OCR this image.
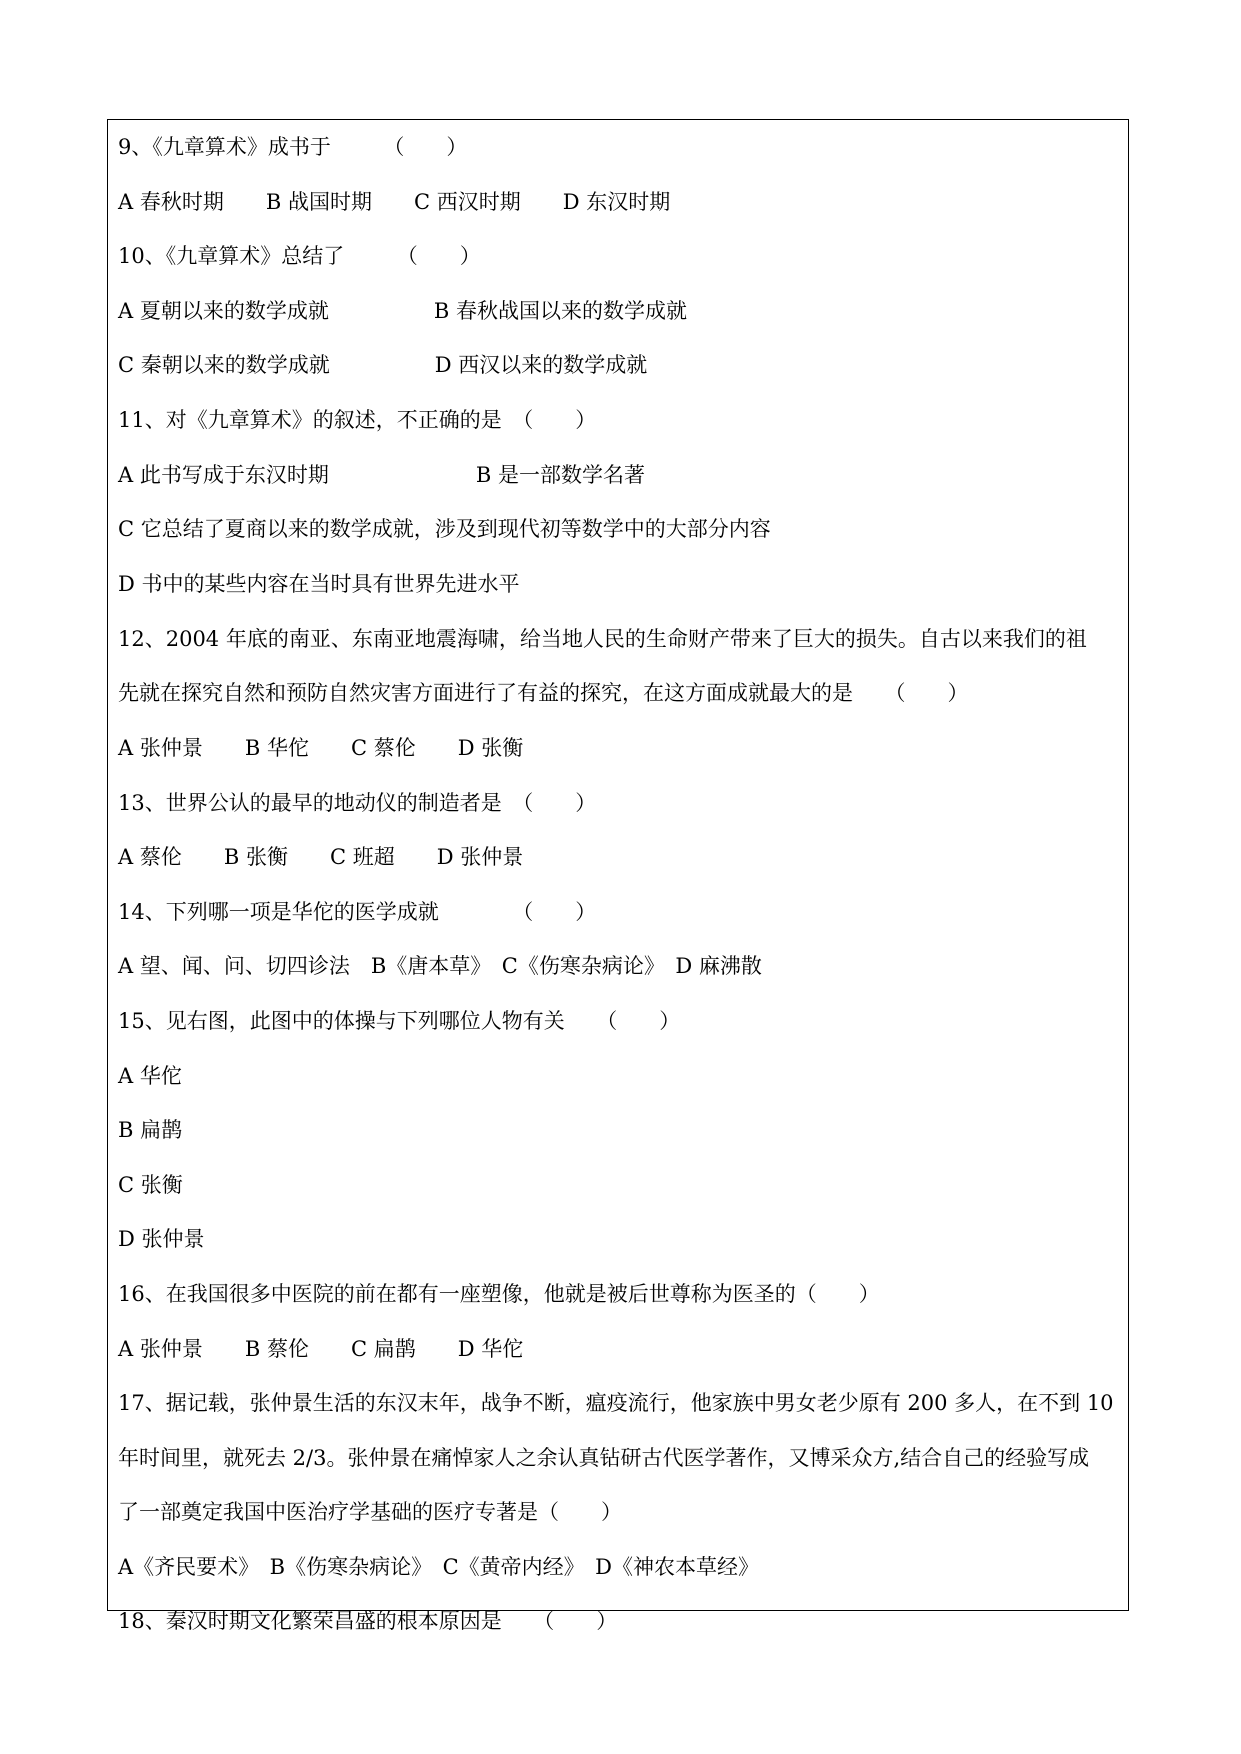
9、《九章算术》成书于　　　（　　）
A 春秋时期　　B 战国时期　　C 西汉时期　　D 东汉时期
10、《九章算术》总结了　　　（　　）
A 夏朝以来的数学成就　　　　　B 春秋战国以来的数学成就
C 秦朝以来的数学成就　　　　　D 西汉以来的数学成就
11、对《九章算术》的叙述，不正确的是　（　　）
A 此书写成于东汉时期　　　　　　　B 是一部数学名著
C 它总结了夏商以来的数学成就，涉及到现代初等数学中的大部分内容
D 书中的某些内容在当时具有世界先进水平
12、2004 年底的南亚、东南亚地震海啸，给当地人民的生命财产带来了巨大的损失。自古以来我们的祖
先就在探究自然和预防自然灾害方面进行了有益的探究，在这方面成就最大的是　　（　　）
A 张仲景　　B 华佗　　C 蔡伦　　D 张衡
13、世界公认的最早的地动仪的制造者是　（　　）
A 蔡伦　　B 张衡　　C 班超　　D 张仲景
14、下列哪一项是华佗的医学成就　　　　（　　）
A 望、闻、问、切四诊法　B《唐本草》　C《伤寒杂病论》　D 麻沸散
15、见右图，此图中的体操与下列哪位人物有关　　（　　）
A 华佗
B 扁鹊
C 张衡
D 张仲景
16、在我国很多中医院的前在都有一座塑像，他就是被后世尊称为医圣的（　　）
A 张仲景　　B 蔡伦　　C 扁鹊　　D 华佗
17、据记载，张仲景生活的东汉末年，战争不断，瘟疫流行，他家族中男女老少原有 200 多人，在不到 10
年时间里，就死去 2/3。张仲景在痛悼家人之余认真钻研古代医学著作，又博采众方,结合自己的经验写成
了一部奠定我国中医治疗学基础的医疗专著是（　　）
A《齐民要术》　B《伤寒杂病论》　C《黄帝内经》　D《神农本草经》
18、秦汉时期文化繁荣昌盛的根本原因是　　（　　）
